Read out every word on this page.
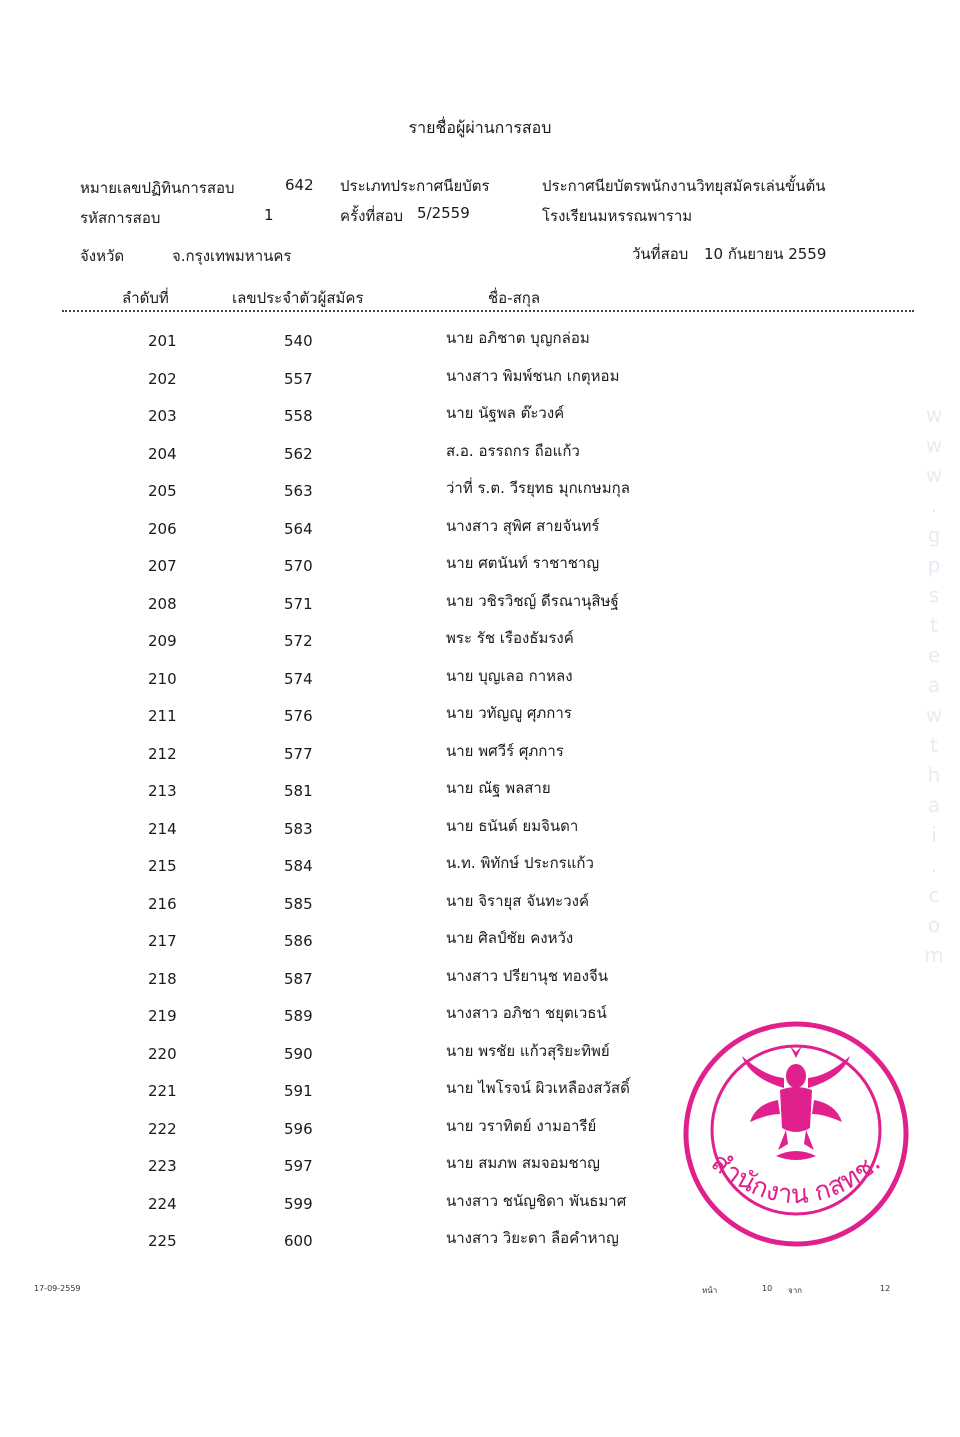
รายชื่อผู้ผ่านการสอบ
หมายเลขปฏิทินการสอบ	642 ประเภทประกาศนียบัตร	ประกาศนียบัตรพนักงานวิทยุสมัครเล่นขั้นต้น
รหัสการสอบ	1	ครั้งที่สอบ 5/2559	โรงเรียนมหรรณพาราม
จังหวัด	จ.กรุงเทพมหานคร	วันที่สอบ 10 กันยายน 2559
ลำดับที่	เลขประจำตัวผู้สมัคร	ชื่อ-สกุล
201	540	นาย อภิชาต บุญกล่อม
202	557	นางสาว พิมพ์ชนก เกตุหอม
203	558	นาย นัฐพล ต๊ะวงค์
204	562	ส.อ. อรรถกร ถือแก้ว
205	563	ว่าที่ ร.ต. วีรยุทธ มุกเกษมกุล
206	564	นางสาว สุพิศ สายจันทร์
207	570	นาย ศตนันท์ ราชาชาญ
208	571	นาย วชิรวิชญ์ ดีรณานุสิษฐ์
209	572	พระ รัช เรืองธัมรงค์
210	574	นาย บุญเลอ กาหลง
211	576	นาย วทัญญู ศุภการ
212	577	นาย พศวีร์ ศุภการ
213	581	นาย ณัฐ พลสาย
214	583	นาย ธนันต์ ยมจินดา
215	584	น.ท. พิทักษ์ ประกรแก้ว
216	585	นาย จิรายุส จันทะวงค์
217	586	นาย ศิลป์ชัย คงหวัง
218	587	นางสาว ปรียานุช ทองจีน
219	589	นางสาว อภิชา ชยุตเวธน์
220	590	นาย พรชัย แก้วสุริยะทิพย์
221	591	นาย ไพโรจน์ ผิวเหลืองสวัสดิ์
222	596	นาย วราทิตย์ งามอารีย์
223	597	นาย สมภพ สมจอมชาญ
224	599	นางสาว ชนัญชิดา พันธมาศ
225	600	นางสาว วิยะดา ลือคำหาญ
17-09-2559	หน้า	10 จาก	12
w
w
w
.
g
p
s
t
e
a
w
t
h
a
i
.
c
o
m
สำนักงาน กสทช.
